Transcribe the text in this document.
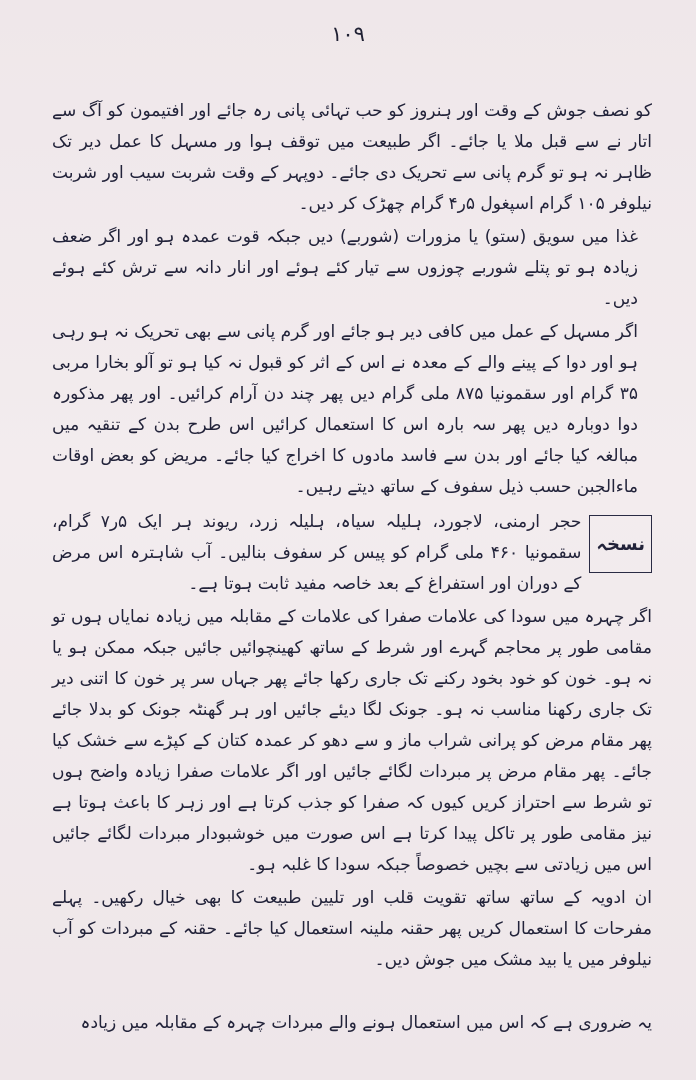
۱۰۹

کو نصف جوش کے وقت اور ہنروز کو حب تہائی پانی رہ جائے اور افتیمون کو آگ سے اتار نے سے قبل ملا یا جائے۔ اگر طبیعت میں توقف ہوا ور مسہل کا عمل دیر تک ظاہر نہ ہو تو گرم پانی سے تحریک دی جائے۔ دوپہر کے وقت شربت سیب اور شربت نیلوفر ۱۰۵ گرام اسپغول ۵ر۴ گرام چھڑک کر دیں۔

غذا میں سویق (ستو) یا مزورات (شوربے) دیں جبکہ قوت عمدہ ہو اور اگر ضعف زیادہ ہو تو پتلے شوربے چوزوں سے تیار کئے ہوئے اور انار دانہ سے ترش کئے ہوئے دیں۔

اگر مسہل کے عمل میں کافی دیر ہو جائے اور گرم پانی سے بھی تحریک نہ ہو رہی ہو اور دوا کے پینے والے کے معدہ نے اس کے اثر کو قبول نہ کیا ہو تو آلو بخارا مربی ۳۵ گرام اور سقمونیا ۸۷۵ ملی گرام دیں پھر چند دن آرام کرائیں۔ اور پھر مذکورہ دوا دوبارہ دیں پھر سہ بارہ اس کا استعمال کرائیں اس طرح بدن کے تنقیہ میں مبالغہ کیا جائے اور بدن سے فاسد مادوں کا اخراج کیا جائے۔ مریض کو بعض اوقات ماءالجبن حسب ذیل سفوف کے ساتھ دیتے رہیں۔

نسخہ
حجر ارمنی، لاجورد، ہلیلہ سیاہ، ہلیلہ زرد، ریوند ہر ایک ۵ر۷ گرام، سقمونیا ۴۶۰ ملی گرام کو پیس کر سفوف بنالیں۔ آب شاہترہ اس مرض کے دوران اور استفراغ کے بعد خاصہ مفید ثابت ہوتا ہے۔

اگر چہرہ میں سودا کی علامات صفرا کی علامات کے مقابلہ میں زیادہ نمایاں ہوں تو مقامی طور پر محاجم گہرے اور شرط کے ساتھ کھینچوائیں جائیں جبکہ ممکن ہو یا نہ ہو۔ خون کو خود بخود رکنے تک جاری رکھا جائے پھر جہاں سر پر خون کا اتنی دیر تک جاری رکھنا مناسب نہ ہو۔ جونک لگا دیئے جائیں اور ہر گھنٹہ جونک کو بدلا جائے پھر مقام مرض کو پرانی شراب ماز و سے دھو کر عمدہ کتان کے کپڑے سے خشک کیا جائے۔ پھر مقام مرض پر مبردات لگائے جائیں اور اگر علامات صفرا زیادہ واضح ہوں تو شرط سے احتراز کریں کیوں کہ صفرا کو جذب کرتا ہے اور زہر کا باعث ہوتا ہے نیز مقامی طور پر تاکل پیدا کرتا ہے اس صورت میں خوشبودار مبردات لگائے جائیں اس میں زیادتی سے بچیں خصوصاً جبکہ سودا کا غلبہ ہو۔

ان ادویہ کے ساتھ ساتھ تقویت قلب اور تلیین طبیعت کا بھی خیال رکھیں۔ پہلے مفرحات کا استعمال کریں پھر حقنہ ملینہ استعمال کیا جائے۔ حقنہ کے مبردات کو آب نیلوفر میں یا بید مشک میں جوش دیں۔

یہ ضروری ہے کہ اس میں استعمال ہونے والے مبردات چہرہ کے مقابلہ میں زیادہ
